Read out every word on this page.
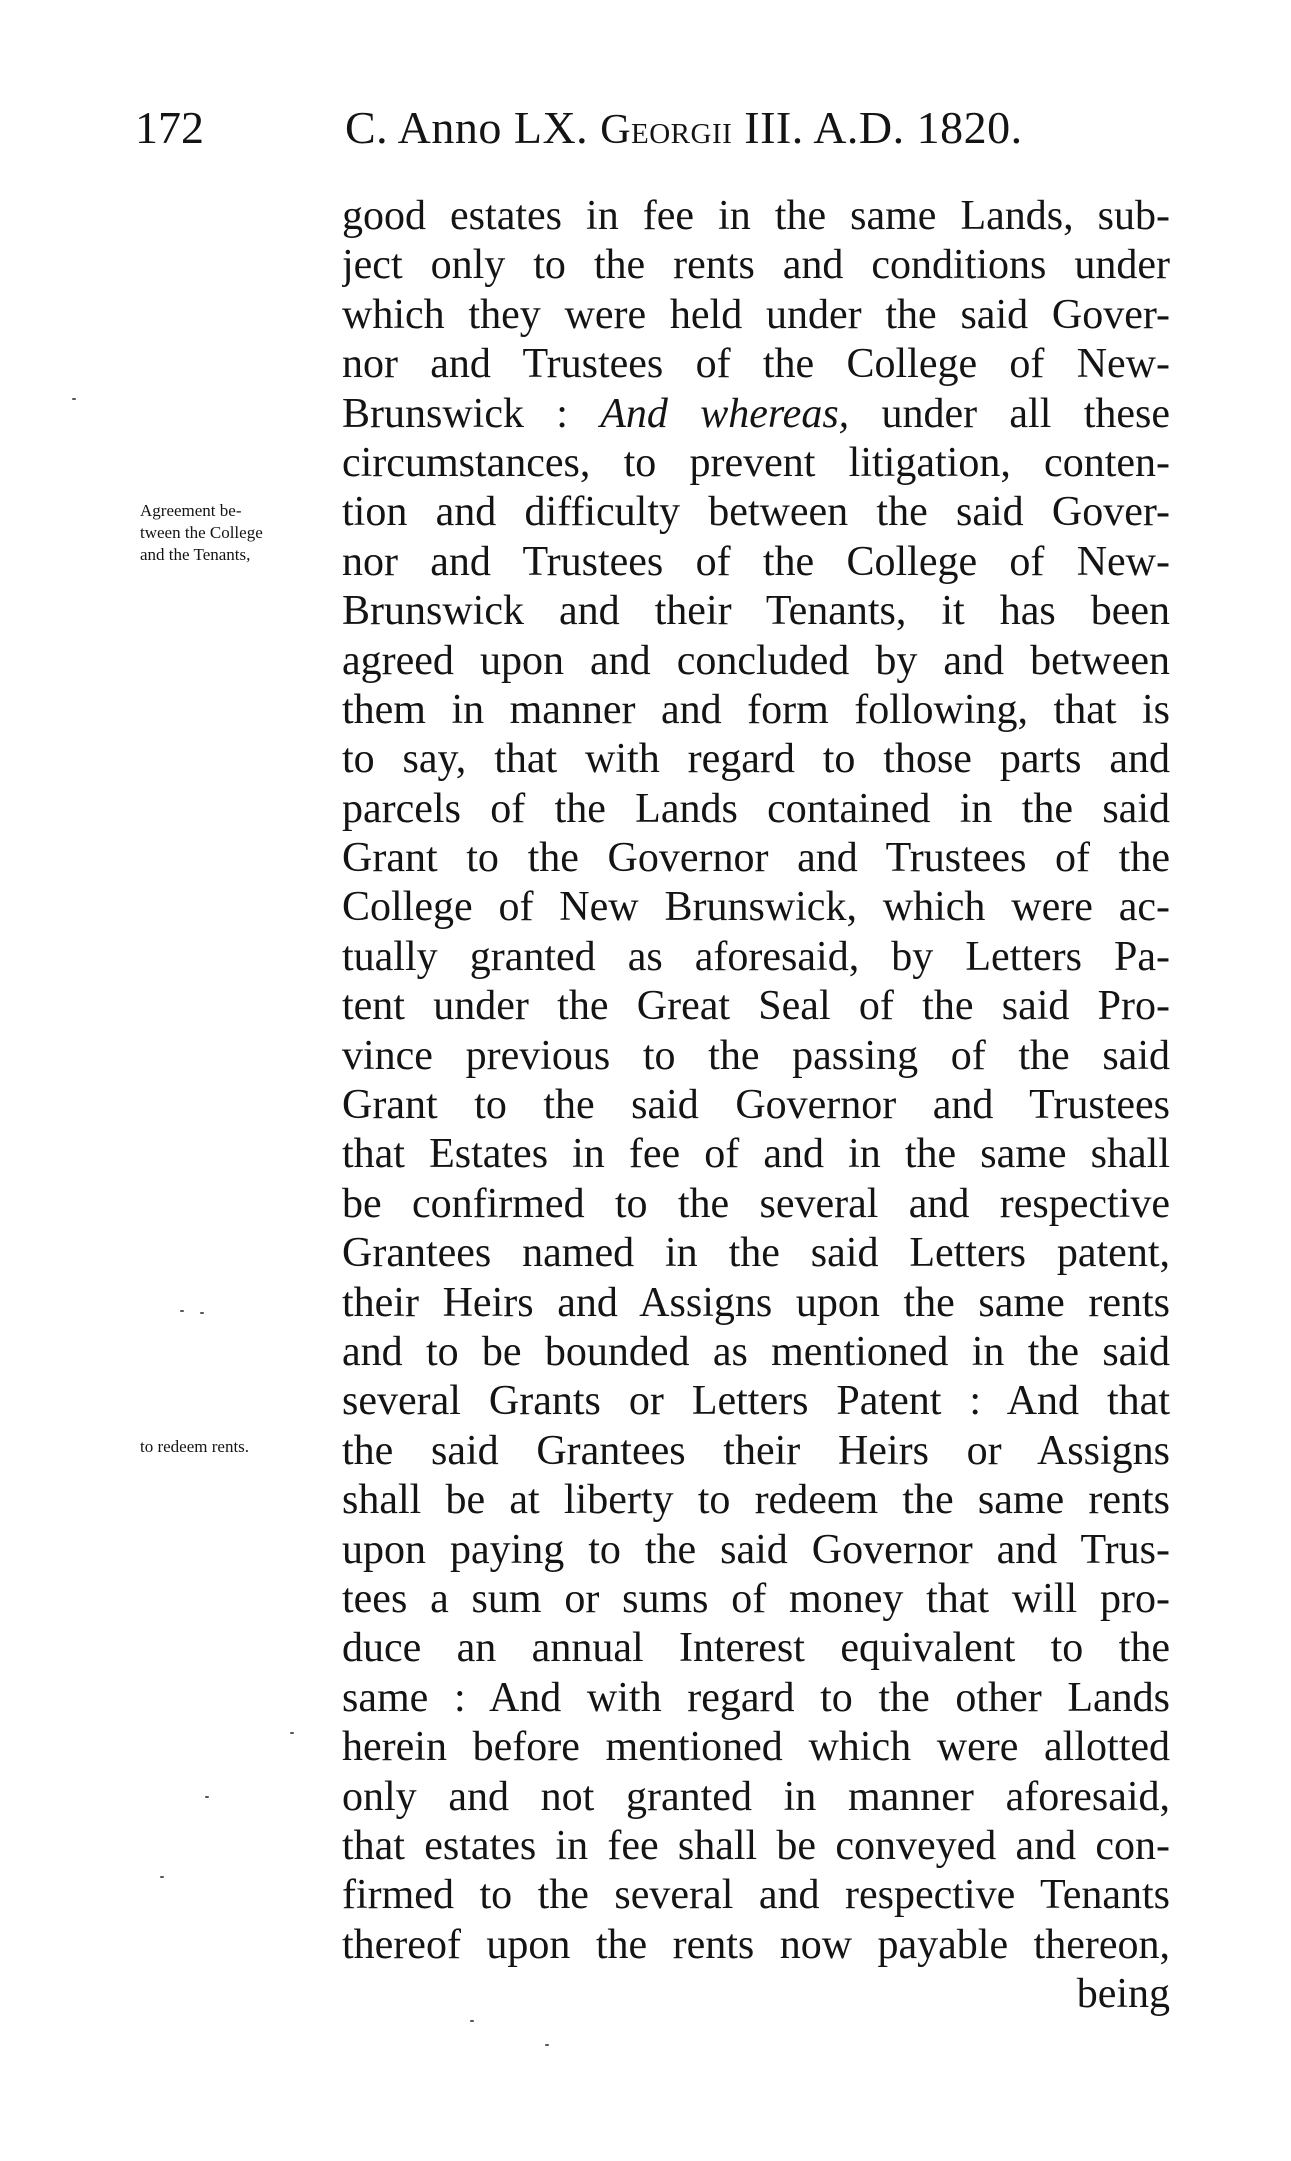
172	C. Anno LX. Georgii III. A.D. 1820.
Agreement be-
tween the College
and the Tenants,
to redeem rents.
good estates in fee in the same Lands, sub-
ject only to the rents and conditions under
which they were held under the said Gover-
nor and Trustees of the College of New-
Brunswick : And whereas, under all these
circumstances, to prevent litigation, conten-
tion and difficulty between the said Gover-
nor and Trustees of the College of New-
Brunswick and their Tenants, it has been
agreed upon and concluded by and between
them in manner and form following, that is
to say, that with regard to those parts and
parcels of the Lands contained in the said
Grant to the Governor and Trustees of the
College of New Brunswick, which were ac-
tually granted as aforesaid, by Letters Pa-
tent under the Great Seal of the said Pro-
vince previous to the passing of the said
Grant to the said Governor and Trustees
that Estates in fee of and in the same shall
be confirmed to the several and respective
Grantees named in the said Letters patent,
their Heirs and Assigns upon the same rents
and to be bounded as mentioned in the said
several Grants or Letters Patent : And that
the said Grantees their Heirs or Assigns
shall be at liberty to redeem the same rents
upon paying to the said Governor and Trus-
tees a sum or sums of money that will pro-
duce an annual Interest equivalent to the
same : And with regard to the other Lands
herein before mentioned which were allotted
only and not granted in manner aforesaid,
that estates in fee shall be conveyed and con-
firmed to the several and respective Tenants
thereof upon the rents now payable thereon,
being
